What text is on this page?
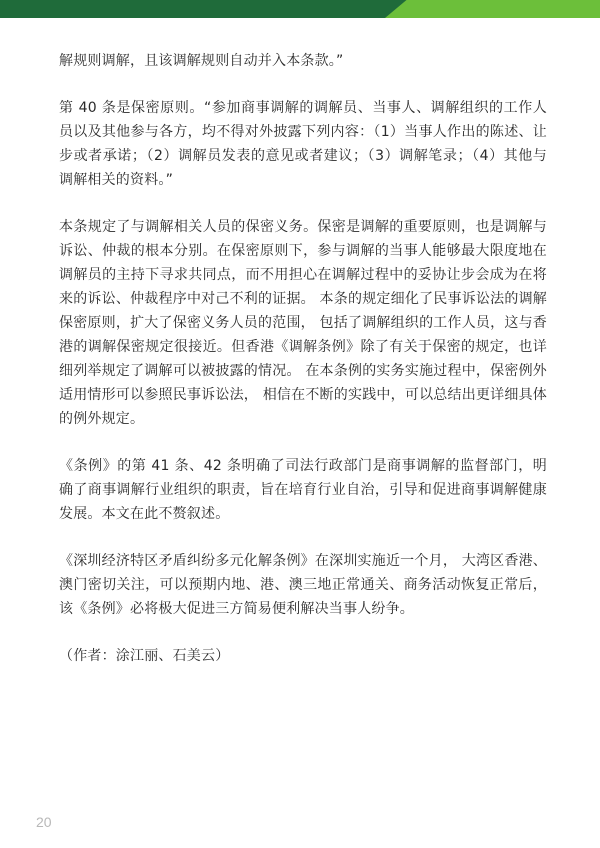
解规则调解，且该调解规则自动并入本条款。”

第 40 条是保密原则。“参加商事调解的调解员、当事人、调解组织的工作人员以及其他参与各方，均不得对外披露下列内容：（1）当事人作出的陈述、让步或者承诺；（2）调解员发表的意见或者建议；（3）调解笔录；（4）其他与调解相关的资料。”

本条规定了与调解相关人员的保密义务。保密是调解的重要原则，也是调解与诉讼、仲裁的根本分别。在保密原则下，参与调解的当事人能够最大限度地在调解员的主持下寻求共同点，而不用担心在调解过程中的妥协让步会成为在将来的诉讼、仲裁程序中对己不利的证据。 本条的规定细化了民事诉讼法的调解保密原则，扩大了保密义务人员的范围， 包括了调解组织的工作人员，这与香港的调解保密规定很接近。但香港《调解条例》除了有关于保密的规定，也详细列举规定了调解可以被披露的情况。 在本条例的实务实施过程中，保密例外适用情形可以参照民事诉讼法， 相信在不断的实践中，可以总结出更详细具体的例外规定。

《条例》的第 41 条、42 条明确了司法行政部门是商事调解的监督部门，明确了商事调解行业组织的职责，旨在培育行业自治，引导和促进商事调解健康发展。本文在此不赘叙述。

《深圳经济特区矛盾纠纷多元化解条例》在深圳实施近一个月， 大湾区香港、澳门密切关注，可以预期内地、港、澳三地正常通关、商务活动恢复正常后，该《条例》必将极大促进三方简易便利解决当事人纷争。

（作者：涂江丽、石美云）

20
